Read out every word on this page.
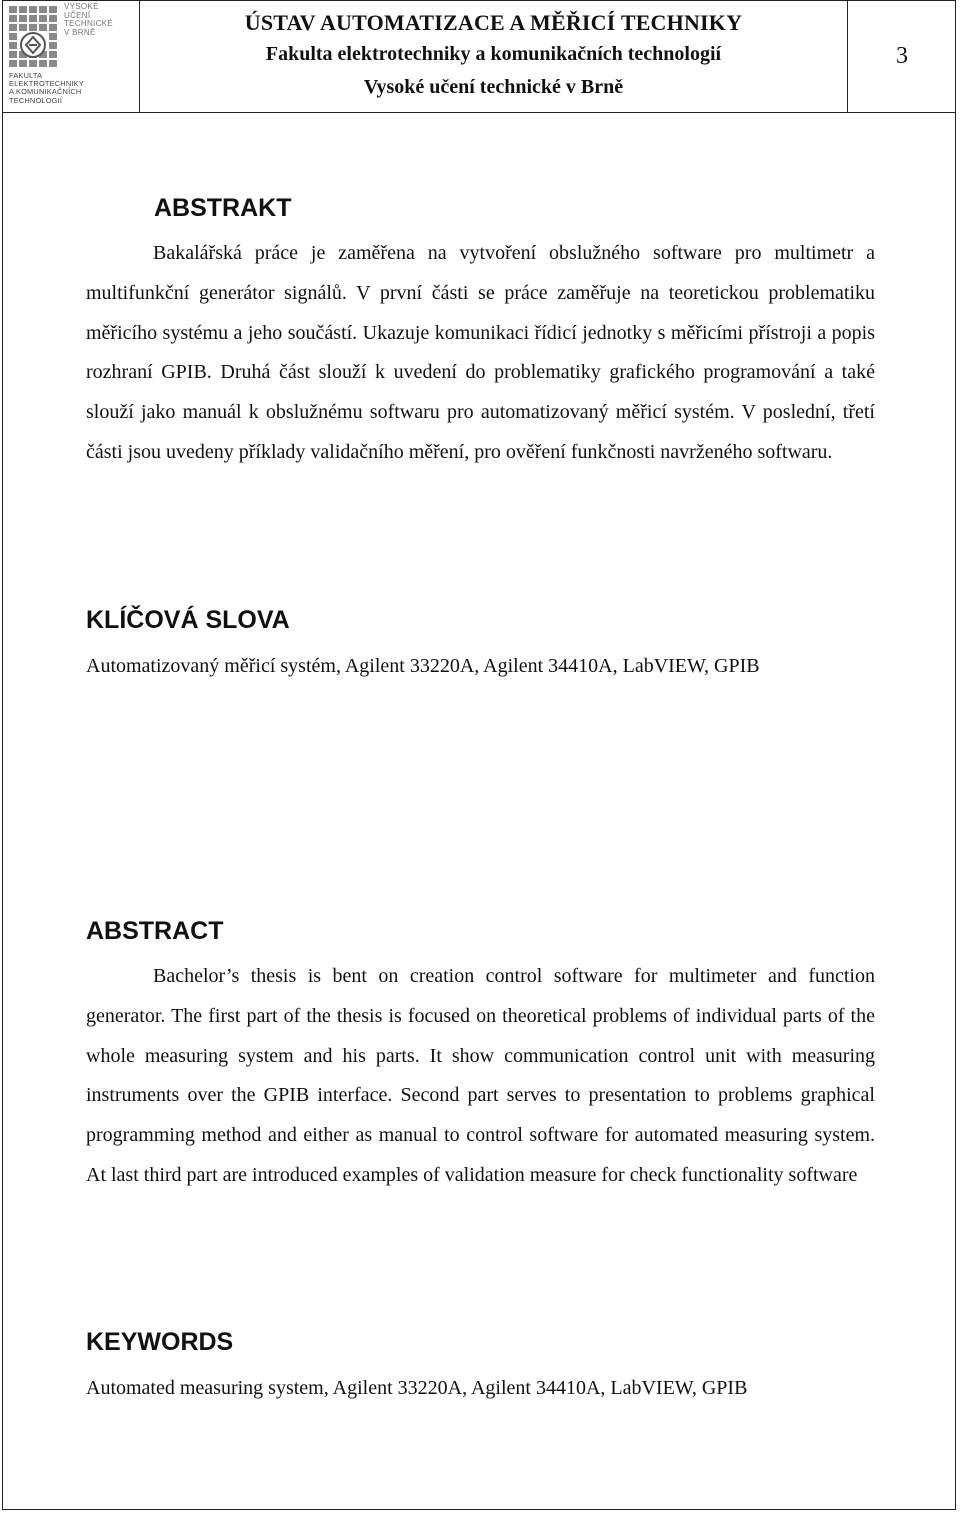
VYSOKÉ
UČENÍ
TECHNICKÉ
V BRNĚ
FAKULTA
ELEKTROTECHNIKY
A KOMUNIKAČNÍCH
TECHNOLOGIÍ
ÚSTAV AUTOMATIZACE A MĚŘICÍ TECHNIKY
Fakulta elektrotechniky a komunikačních technologií
Vysoké učení technické v Brně
3
ABSTRAKT

Bakalářská práce je zaměřena na vytvoření obslužného software pro multimetr a multifunkční generátor signálů. V první části se práce zaměřuje na teoretickou problematiku měřicího systému a jeho součástí. Ukazuje komunikaci řídicí jednotky s měřicími přístroji a popis rozhraní GPIB. Druhá část slouží k uvedení do problematiky grafického programování a také slouží jako manuál k obslužnému softwaru pro automatizovaný měřicí systém. V poslední, třetí části jsou uvedeny příklady validačního měření, pro ověření funkčnosti navrženého softwaru.

KLÍČOVÁ SLOVA

Automatizovaný měřicí systém, Agilent 33220A, Agilent 34410A, LabVIEW, GPIB

ABSTRACT

Bachelor’s thesis is bent on creation control software for multimeter and function generator. The first part of the thesis is focused on theoretical problems of individual parts of the whole measuring system and his parts. It show communication control unit with measuring instruments over the GPIB interface. Second part serves to presentation to problems graphical programming method and either as manual to control software for automated measuring system. At last third part are introduced examples of validation measure for check functionality software

KEYWORDS

Automated measuring system, Agilent 33220A, Agilent 34410A, LabVIEW, GPIB
